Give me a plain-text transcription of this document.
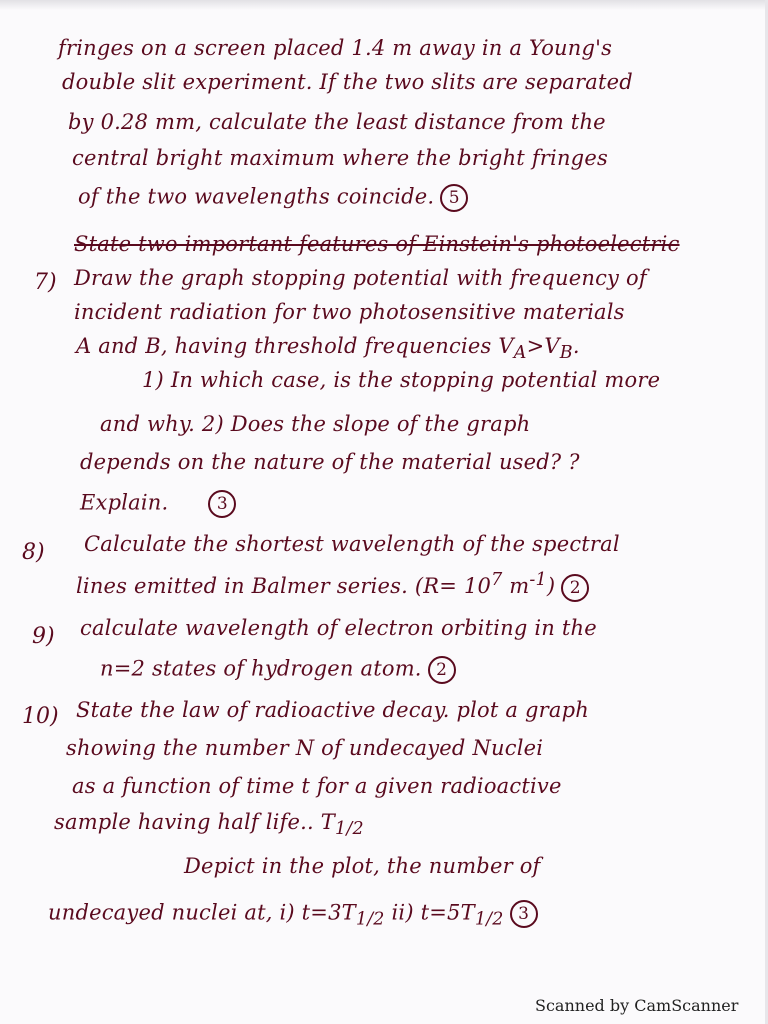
fringes on a screen placed 1.4 m away in a Young's
double slit experiment. If the two slits are separated
by 0.28 mm, calculate the least distance from the
central bright maximum where the bright fringes
of the two wavelengths coincide. 5
State two important features of Einstein's photoelectric
7) Draw the graph stopping potential with frequency of
incident radiation for two photosensitive materials
A and B, having threshold frequencies $V_A>V_B$.
1) In which case, is the stopping potential more
and why. 2) Does the slope of the graph
depends on the nature of the material used? ?
Explain.	3
8) Calculate the shortest wavelength of the spectral
lines emitted in Balmer series. ($R= 10^7$ $m^{-1}$) 2
9) calculate wavelength of electron orbiting in the
n=2 states of hydrogen atom. 2
10) State the law of radioactive decay. plot a graph
showing the number N of undecayed Nuclei
as a function of time t for a given radioactive
sample having half life.. $T_{1/2}$
Depict in the plot, the number of
undecayed nuclei at, i) $t=3T_{1/2}$ ii) $t=5T_{1/2}$ 3
Scanned by CamScanner
